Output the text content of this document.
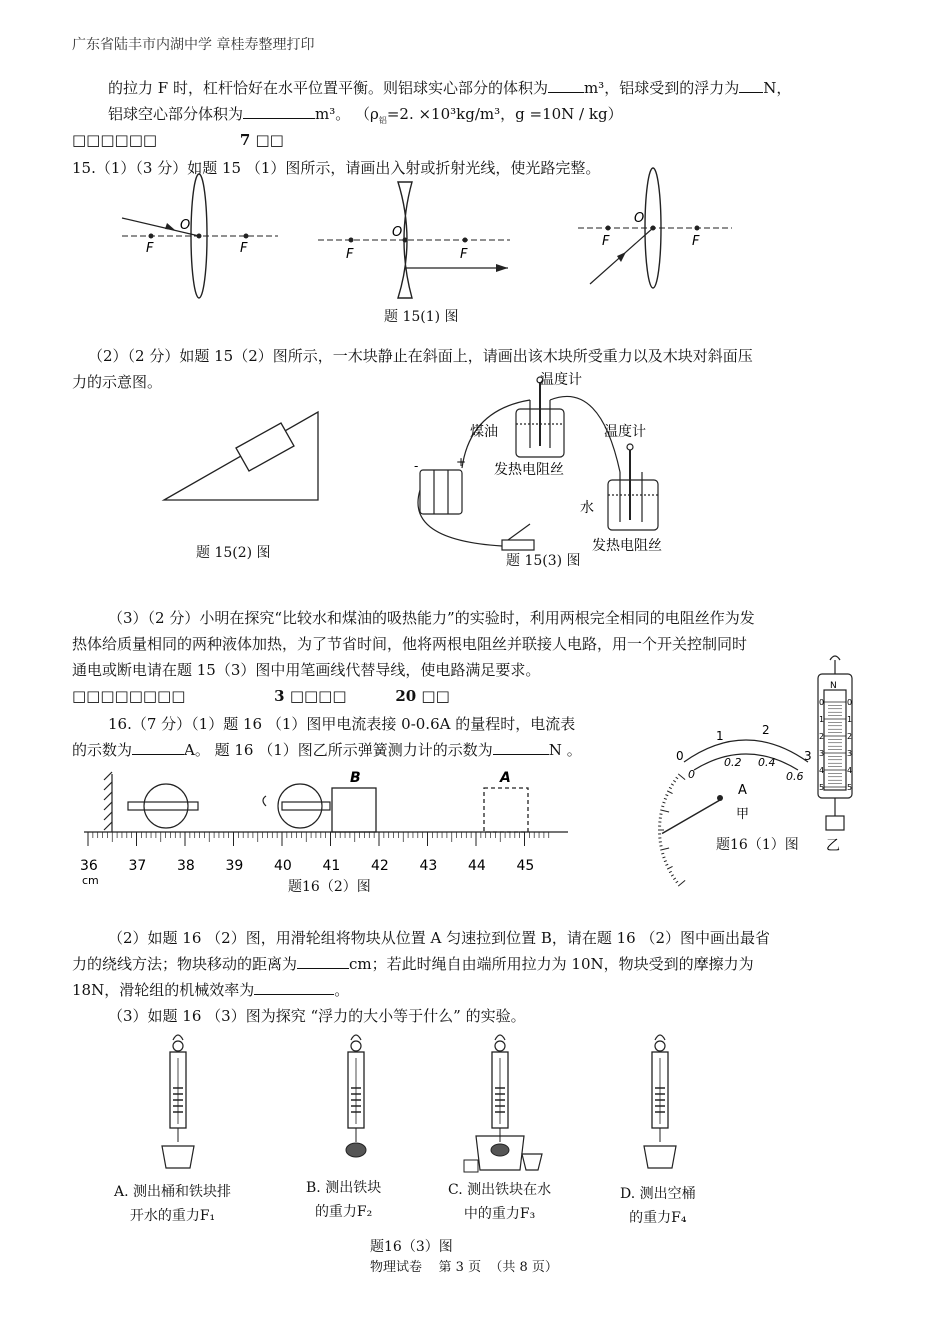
广东省陆丰市内湖中学 章桂寿整理打印
的拉力 F 时，杠杆恰好在水平位置平衡。则铝球实心部分的体积为 m³，铝球受到的浮力为 N，
铝球空心部分体积为	m³。 （$\rho_铝=2$. ×10³kg/m³，g =10N / kg）
□□□□□□	7 □□
15.（1）（3 分）如题 15 （1）图所示，请画出入射或折射光线，使光路完整。
F
O
F	F
O
F
F
O
F
题 15(1) 图
（2）（2 分）如题 15（2）图所示，一木块静止在斜面上，请画出该木块所受重力以及木块对斜面压
力的示意图。	温度计
煤油
发热电阻丝
温度计
水
发热电阻丝
-	+
题 15(2) 图	题 15(3) 图
（3）（2 分）小明在探究“比较水和煤油的吸热能力”的实验时，利用两根完全相同的电阻丝作为发
热体给质量相同的两种液体加热，为了节省时间，他将两根电阻丝并联接人电路，用一个开关控制同时
通电或断电请在题 15（3）图中用笔画线代替导线，使电路满足要求。
□□□□□□□□	3 □□□□	20 □□
16.（7 分）（1）题 16 （1）图甲电流表接 0-0.6A 的量程时，电流表
的示数为	A。 题 16 （1）图乙所示弹簧测力计的示数为	N 。	0
1	2
3
0
0.2 0.4
0.6
A
甲
0	0
1	1
2	2
3	3
4	4
5	5
N
乙
题16（1）图
B	A
36 37 38 39 40 41 42 43 44 45
cm	题16（2）图
（2）如题 16 （2）图，用滑轮组将物块从位置 A 匀速拉到位置 B，请在题 16 （2）图中画出最省
力的绕线方法；物块移动的距离为	cm；若此时绳自由端所用拉力为 10N，物块受到的摩擦力为
18N，滑轮组的机械效率为	。
（3）如题 16 （3）图为探究 “浮力的大小等于什么” 的实验。
A. 测出桶和铁块排
开水的重力F₁
B. 测出铁块
的重力F₂
C. 测出铁块在水
中的重力F₃
D. 测出空桶
的重力F₄
题16（3）图
物理试卷    第 3 页  （共 8 页）
